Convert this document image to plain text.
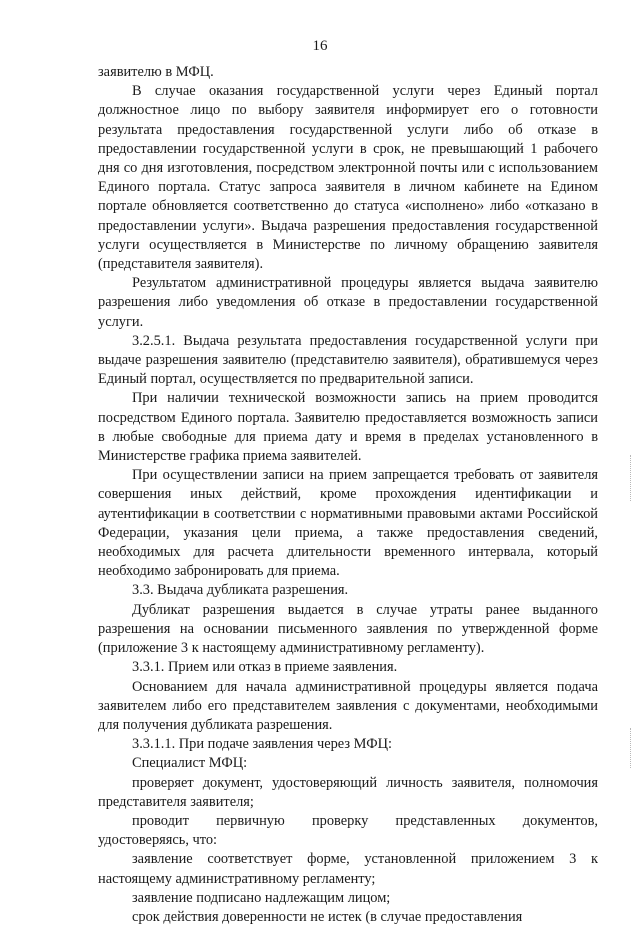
16

заявителю в МФЦ.

В случае оказания государственной услуги через Единый портал должностное лицо по выбору заявителя информирует его о готовности результата предоставления государственной услуги либо об отказе в предоставлении государственной услуги в срок, не превышающий 1 рабочего дня со дня изготовления, посредством электронной почты или с использованием Единого портала. Статус запроса заявителя в личном кабинете на Едином портале обновляется соответственно до статуса «исполнено» либо «отказано в предоставлении услуги». Выдача разрешения предоставления государственной услуги осуществляется в Министерстве по личному обращению заявителя (представителя заявителя).

Результатом административной процедуры является выдача заявителю разрешения либо уведомления об отказе в предоставлении государственной услуги.

3.2.5.1. Выдача результата предоставления государственной услуги при выдаче разрешения заявителю (представителю заявителя), обратившемуся через Единый портал, осуществляется по предварительной записи.

При наличии технической возможности запись на прием проводится посредством Единого портала. Заявителю предоставляется возможность записи в любые свободные для приема дату и время в пределах установленного в Министерстве графика приема заявителей.

При осуществлении записи на прием запрещается требовать от заявителя совершения иных действий, кроме прохождения идентификации и аутентификации в соответствии с нормативными правовыми актами Российской Федерации, указания цели приема, а также предоставления сведений, необходимых для расчета длительности временного интервала, который необходимо забронировать для приема.

3.3. Выдача дубликата разрешения.

Дубликат разрешения выдается в случае утраты ранее выданного разрешения на основании письменного заявления по утвержденной форме (приложение 3 к настоящему административному регламенту).

3.3.1. Прием или отказ в приеме заявления.

Основанием для начала административной процедуры является подача заявителем либо его представителем заявления с документами, необходимыми для получения дубликата разрешения.

3.3.1.1. При подаче заявления через МФЦ:

Специалист МФЦ:

проверяет документ, удостоверяющий личность заявителя, полномочия представителя заявителя;

проводит первичную проверку представленных документов, удостоверяясь, что:

заявление соответствует форме, установленной приложением 3 к настоящему административному регламенту;

заявление подписано надлежащим лицом;

срок действия доверенности не истек (в случае предоставления
